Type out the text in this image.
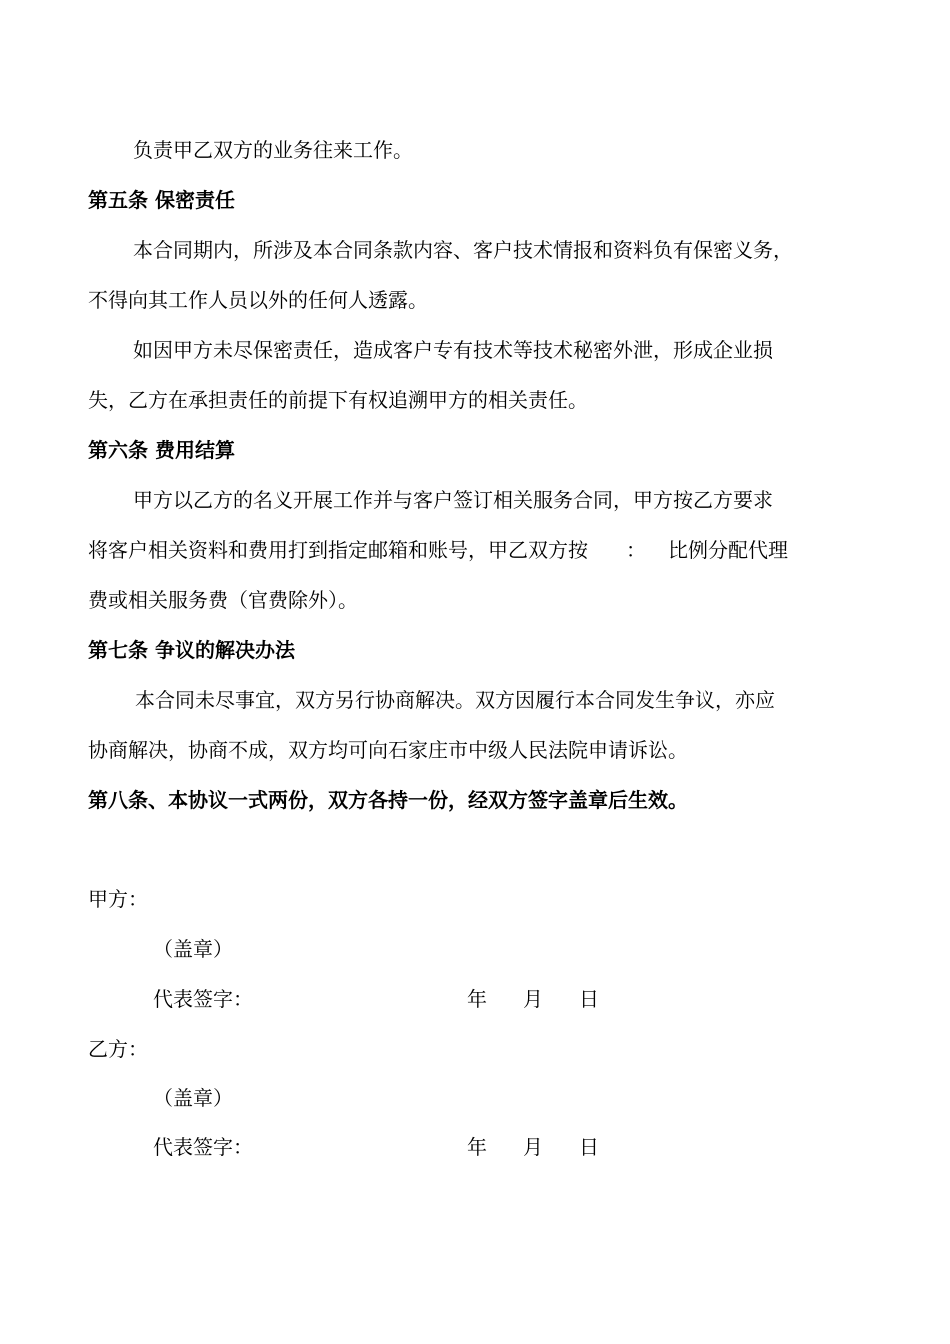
负责甲乙双方的业务往来工作。
第五条 保密责任
本合同期内，所涉及本合同条款内容、客户技术情报和资料负有保密义务，
不得向其工作人员以外的任何人透露。
如因甲方未尽保密责任，造成客户专有技术等技术秘密外泄，形成企业损
失，乙方在承担责任的前提下有权追溯甲方的相关责任。
第六条 费用结算
甲方以乙方的名义开展工作并与客户签订相关服务合同，甲方按乙方要求
将客户相关资料和费用打到指定邮箱和账号，甲乙双方按 ： 比例分配代理
费或相关服务费（官费除外）。
第七条 争议的解决办法
本合同未尽事宜，双方另行协商解决。双方因履行本合同发生争议，亦应
协商解决，协商不成，双方均可向石家庄市中级人民法院申请诉讼。
第八条、本协议一式两份，双方各持一份，经双方签字盖章后生效。
甲方：
（盖章）
代表签字：	年 月 日
乙方：
（盖章）
代表签字：	年 月 日
